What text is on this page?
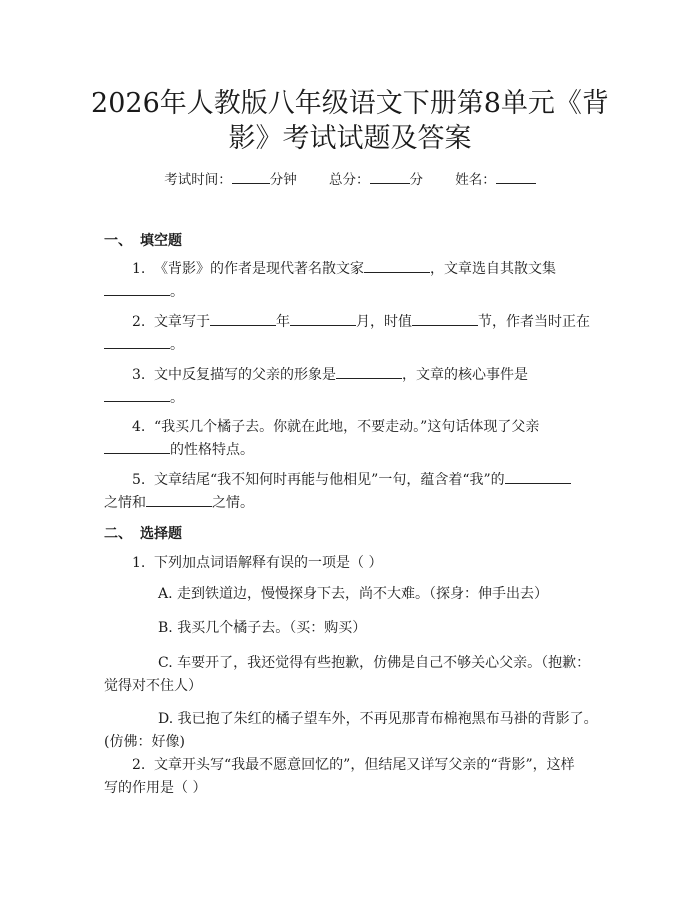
2026年人教版八年级语文下册第8单元《背
影》考试试题及答案
考试时间：	分钟 总分：	分 姓名：
一、 填空题
1. 《背影》的作者是现代著名散文家	，文章选自其散文集
。
2. 文章写于	年	月，时值	节，作者当时正在
。
3. 文中反复描写的父亲的形象是	，文章的核心事件是
。
4. “我买几个橘子去。你就在此地，不要走动。”这句话体现了父亲
的性格特点。
5. 文章结尾“我不知何时再能与他相见”一句，蕴含着“我”的
之情和	之情。
二、 选择题
1. 下列加点词语解释有误的一项是（ ）
A. 走到铁道边，慢慢探身下去，尚不大难。（探身：伸手出去）
B. 我买几个橘子去。（买：购买）
C. 车要开了，我还觉得有些抱歉，仿佛是自己不够关心父亲。（抱歉：
觉得对不住人）
D. 我已抱了朱红的橘子望车外，不再见那青布棉袍黑布马褂的背影了。
(仿佛：好像)
2. 文章开头写“我最不愿意回忆的”，但结尾又详写父亲的“背影”，这样
写的作用是（ ）
